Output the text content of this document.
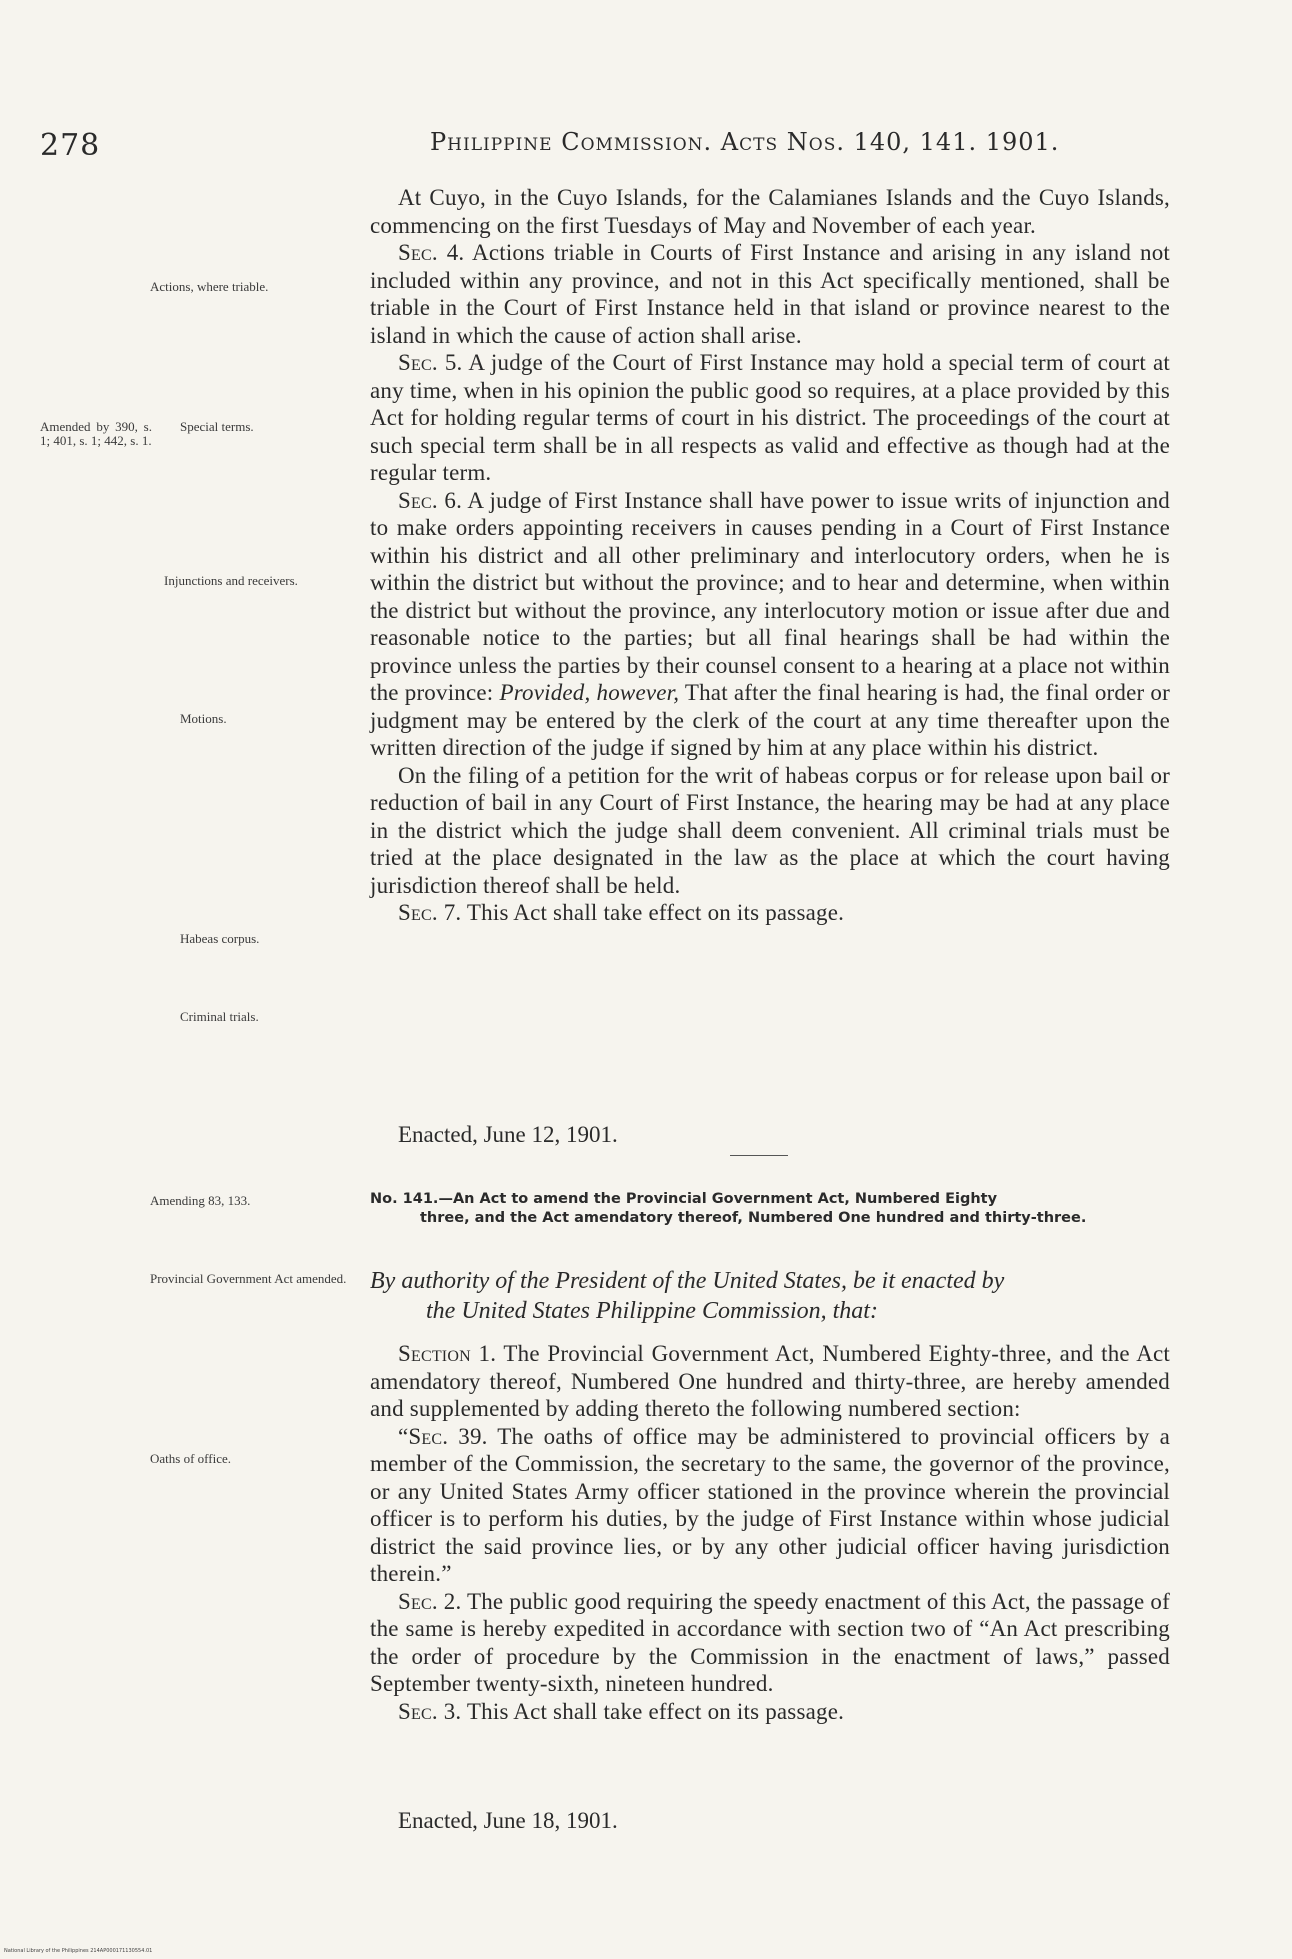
278	Philippine Commission. Acts Nos. 140, 141. 1901.
Actions, where triable.
Amended by 390, s. 1; 401, s. 1; 442, s. 1.
Special terms.
Injunctions and receivers.
Motions.
Habeas corpus.
Criminal trials.
Amending 83, 133.
Provincial Government Act amended.
Oaths of office.

At Cuyo, in the Cuyo Islands, for the Calamianes Islands and the Cuyo Islands, commencing on the first Tuesdays of May and November of each year.

Sec. 4. Actions triable in Courts of First Instance and arising in any island not included within any province, and not in this Act specifically mentioned, shall be triable in the Court of First Instance held in that island or province nearest to the island in which the cause of action shall arise.

Sec. 5. A judge of the Court of First Instance may hold a special term of court at any time, when in his opinion the public good so requires, at a place provided by this Act for holding regular terms of court in his district. The proceedings of the court at such special term shall be in all respects as valid and effective as though had at the regular term.

Sec. 6. A judge of First Instance shall have power to issue writs of injunction and to make orders appointing receivers in causes pending in a Court of First Instance within his district and all other preliminary and interlocutory orders, when he is within the district but without the province; and to hear and determine, when within the district but without the province, any interlocutory motion or issue after due and reasonable notice to the parties; but all final hearings shall be had within the province unless the parties by their counsel consent to a hearing at a place not within the province: Provided, however, That after the final hearing is had, the final order or judgment may be entered by the clerk of the court at any time thereafter upon the written direction of the judge if signed by him at any place within his district.

On the filing of a petition for the writ of habeas corpus or for release upon bail or reduction of bail in any Court of First Instance, the hearing may be had at any place in the district which the judge shall deem convenient. All criminal trials must be tried at the place designated in the law as the place at which the court having jurisdiction thereof shall be held.

Sec. 7. This Act shall take effect on its passage.

Enacted, June 12, 1901.
No. 141.—An Act to amend the Provincial Government Act, Numbered Eighty
three, and the Act amendatory thereof, Numbered One hundred and thirty-three.
By authority of the President of the United States, be it enacted by
the United States Philippine Commission, that:

Section 1. The Provincial Government Act, Numbered Eighty-three, and the Act amendatory thereof, Numbered One hundred and thirty-three, are hereby amended and supplemented by adding thereto the following numbered section:

“Sec. 39. The oaths of office may be administered to provincial officers by a member of the Commission, the secretary to the same, the governor of the province, or any United States Army officer stationed in the province wherein the provincial officer is to perform his duties, by the judge of First Instance within whose judicial district the said province lies, or by any other judicial officer having jurisdiction therein.”

Sec. 2. The public good requiring the speedy enactment of this Act, the passage of the same is hereby expedited in accordance with section two of “An Act prescribing the order of procedure by the Commission in the enactment of laws,” passed September twenty-sixth, nineteen hundred.

Sec. 3. This Act shall take effect on its passage.

Enacted, June 18, 1901.
National Library of the Philippines 214AP000171130554.01
